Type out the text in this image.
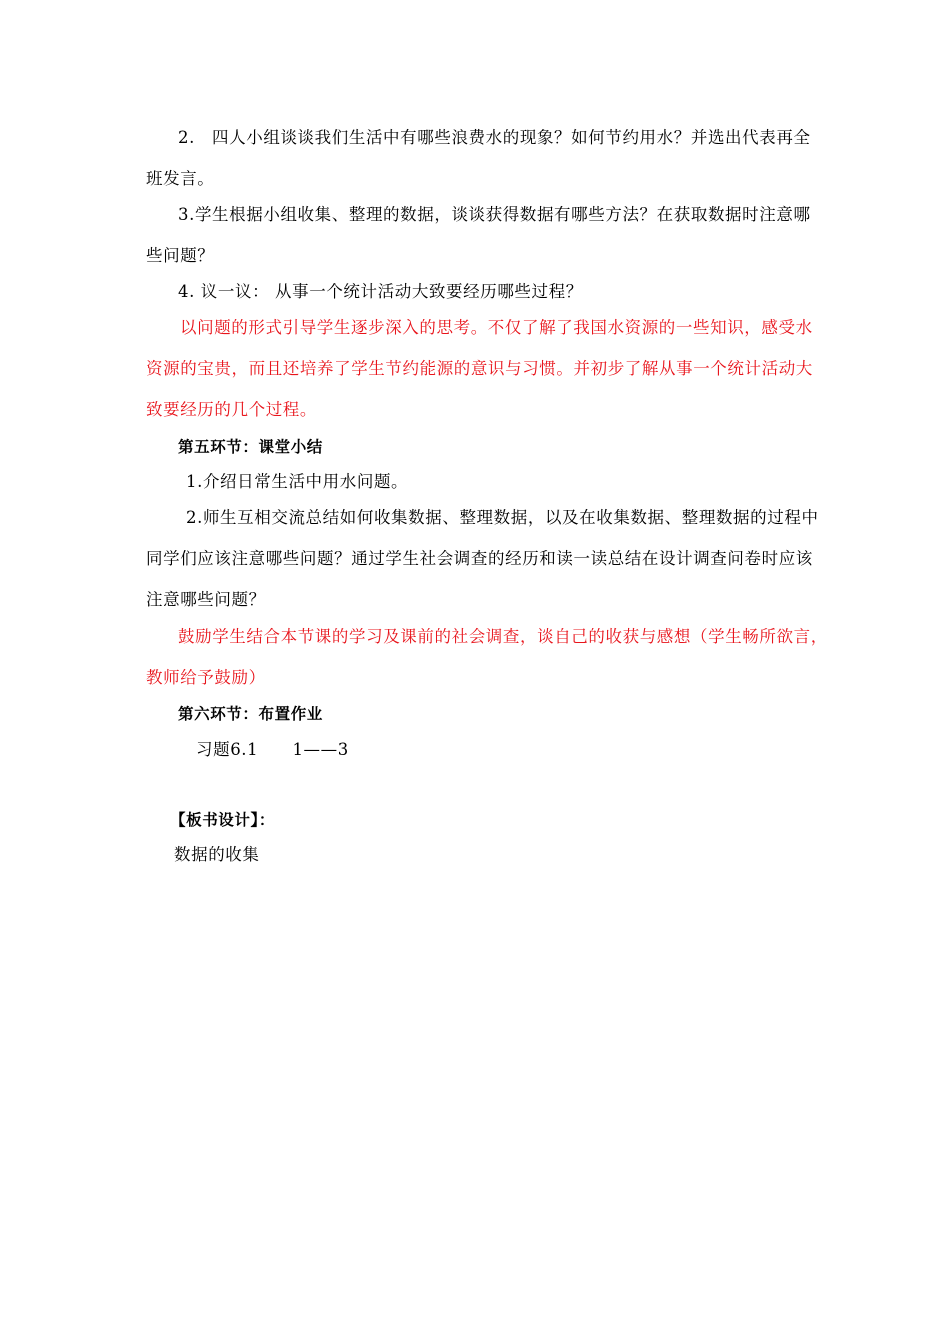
2.　四人小组谈谈我们生活中有哪些浪费水的现象？如何节约用水？并选出代表再全
班发言。
3.学生根据小组收集、整理的数据，谈谈获得数据有哪些方法？在获取数据时注意哪
些问题？
4. 议一议： 从事一个统计活动大致要经历哪些过程？
以问题的形式引导学生逐步深入的思考。不仅了解了我国水资源的一些知识，感受水
资源的宝贵，而且还培养了学生节约能源的意识与习惯。并初步了解从事一个统计活动大
致要经历的几个过程。
第五环节：课堂小结
1.介绍日常生活中用水问题。
2.师生互相交流总结如何收集数据、整理数据，以及在收集数据、整理数据的过程中
同学们应该注意哪些问题？通过学生社会调查的经历和读一读总结在设计调查问卷时应该
注意哪些问题？
鼓励学生结合本节课的学习及课前的社会调查，谈自己的收获与感想（学生畅所欲言，
教师给予鼓励）
第六环节：布置作业
习题6.1　　1——3
【板书设计】：
数据的收集
